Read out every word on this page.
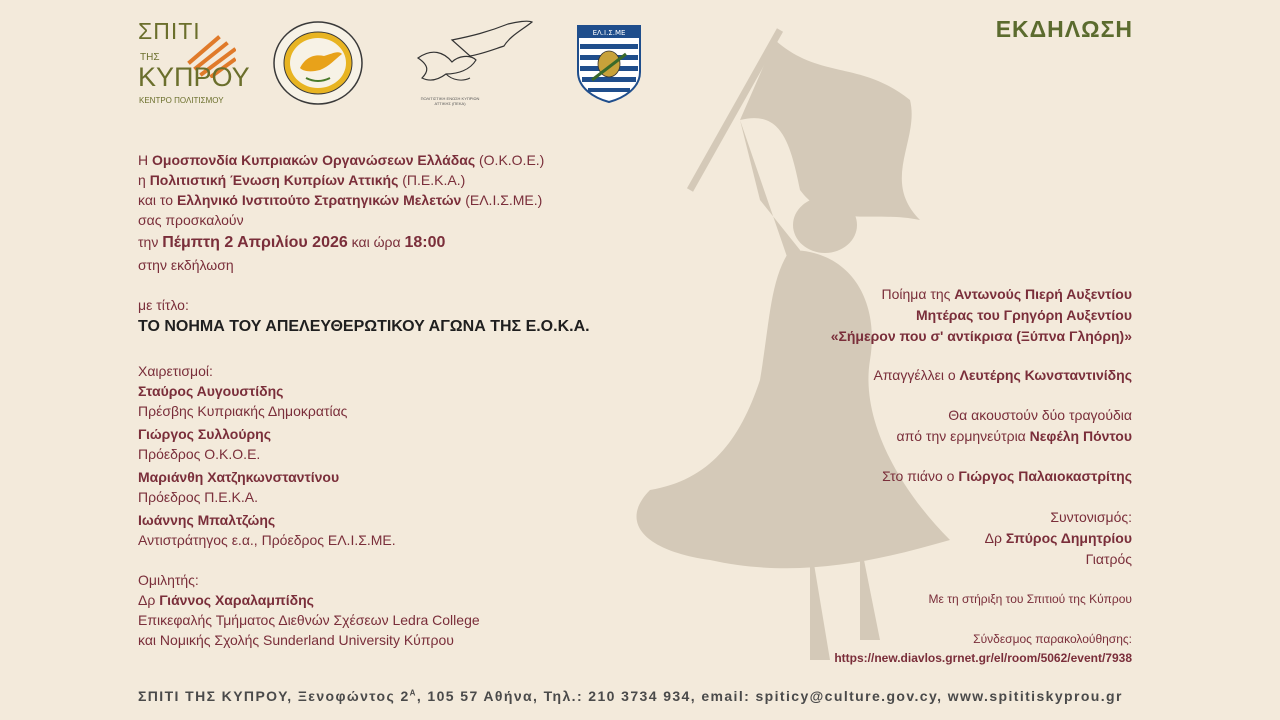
ΣΠΙΤΙ
ΤΗΣ
ΚΥΠΡΟΥ
ΚΕΝΤΡΟ ΠΟΛΙΤΙΣΜΟΥ	ΠΟΛΙΤΙΣΤΙΚΗ ΕΝΩΣΗ ΚΥΠΡΙΩΝ ΑΤΤΙΚΗΣ (ΠΕΚΑ)
ΕΛ.Ι.Σ.ΜΕ	ΕΚΔΗΛΩΣΗ
Η Ομοσπονδία Κυπριακών Οργανώσεων Ελλάδας (Ο.Κ.Ο.Ε.)
η Πολιτιστική Ένωση Κυπρίων Αττικής (Π.Ε.Κ.Α.)
και το Ελληνικό Ινστιτούτο Στρατηγικών Μελετών (ΕΛ.Ι.Σ.ΜΕ.)
σας προσκαλούν
την Πέμπτη 2 Απριλίου 2026 και ώρα 18:00
στην εκδήλωση
με τίτλο:
ΤΟ ΝΟΗΜΑ ΤΟΥ ΑΠΕΛΕΥΘΕΡΩΤΙΚΟΥ ΑΓΩΝΑ ΤΗΣ Ε.Ο.Κ.Α.
Χαιρετισμοί:
Σταύρος Αυγουστίδης
Πρέσβης Κυπριακής Δημοκρατίας
Γιώργος Συλλούρης
Πρόεδρος Ο.Κ.Ο.Ε.
Μαριάνθη Χατζηκωνσταντίνου
Πρόεδρος Π.Ε.Κ.Α.
Ιωάννης Μπαλτζώης
Αντιστράτηγος ε.α., Πρόεδρος ΕΛ.Ι.Σ.ΜΕ.
Ομιλητής:
Δρ Γιάννος Χαραλαμπίδης
Επικεφαλής Τμήματος Διεθνών Σχέσεων Ledra College
και Νομικής Σχολής Sunderland University Κύπρου
Ποίημα της Αντωνούς Πιερή Αυξεντίου
Μητέρας του Γρηγόρη Αυξεντίου
«Σήμερον που σ' αντίκρισα (Ξύπνα Γληόρη)»
Απαγγέλλει ο Λευτέρης Κωνσταντινίδης
Θα ακουστούν δύο τραγούδια
από την ερμηνεύτρια Νεφέλη Πόντου
Στο πιάνο ο Γιώργος Παλαιοκαστρίτης
Συντονισμός:
Δρ Σπύρος Δημητρίου
Γιατρός
Με τη στήριξη του Σπιτιού της Κύπρου
Σύνδεσμος παρακολούθησης:
https://new.diavlos.grnet.gr/el/room/5062/event/7938
ΣΠΙΤΙ ΤΗΣ ΚΥΠΡΟΥ, Ξενοφώντος $2^A$, 105 57 Αθήνα, Τηλ.: 210 3734 934, email: spiticy@culture.gov.cy, www.spititiskyprou.gr
